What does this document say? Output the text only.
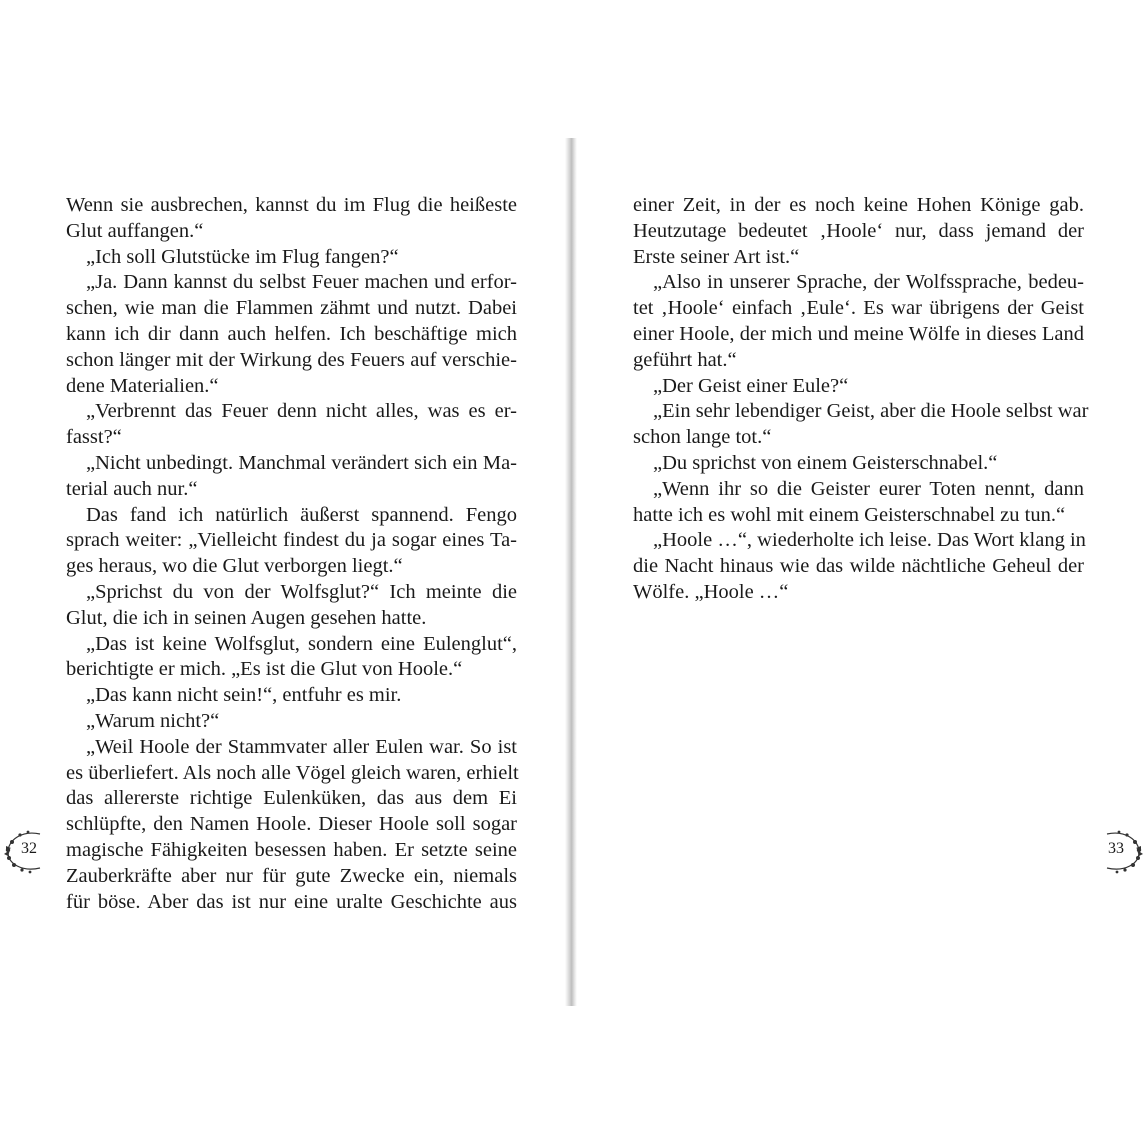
Wenn sie ausbrechen, kannst du im Flug die heißeste
Glut auffangen.“
„Ich soll Glutstücke im Flug fangen?“
„Ja. Dann kannst du selbst Feuer machen und erfor-
schen, wie man die Flammen zähmt und nutzt. Dabei
kann ich dir dann auch helfen. Ich beschäftige mich
schon länger mit der Wirkung des Feuers auf verschie-
dene Materialien.“
„Verbrennt das Feuer denn nicht alles, was es er-
fasst?“
„Nicht unbedingt. Manchmal verändert sich ein Ma-
terial auch nur.“
Das fand ich natürlich äußerst spannend. Fengo
sprach weiter: „Vielleicht findest du ja sogar eines Ta-
ges heraus, wo die Glut verborgen liegt.“
„Sprichst du von der Wolfsglut?“ Ich meinte die
Glut, die ich in seinen Augen gesehen hatte.
„Das ist keine Wolfsglut, sondern eine Eulenglut“,
berichtigte er mich. „Es ist die Glut von Hoole.“
„Das kann nicht sein!“, entfuhr es mir.
„Warum nicht?“
„Weil Hoole der Stammvater aller Eulen war. So ist
es überliefert. Als noch alle Vögel gleich waren, erhielt
das allererste richtige Eulenküken, das aus dem Ei
schlüpfte, den Namen Hoole. Dieser Hoole soll sogar
magische Fähigkeiten besessen haben. Er setzte seine
Zauberkräfte aber nur für gute Zwecke ein, niemals
für böse. Aber das ist nur eine uralte Geschichte aus
32
einer Zeit, in der es noch keine Hohen Könige gab.
Heutzutage bedeutet ‚Hoole‘ nur, dass jemand der
Erste seiner Art ist.“
„Also in unserer Sprache, der Wolfssprache, bedeu-
tet ‚Hoole‘ einfach ‚Eule‘. Es war übrigens der Geist
einer Hoole, der mich und meine Wölfe in dieses Land
geführt hat.“
„Der Geist einer Eule?“
„Ein sehr lebendiger Geist, aber die Hoole selbst war
schon lange tot.“
„Du sprichst von einem Geisterschnabel.“
„Wenn ihr so die Geister eurer Toten nennt, dann
hatte ich es wohl mit einem Geisterschnabel zu tun.“
„Hoole …“, wiederholte ich leise. Das Wort klang in
die Nacht hinaus wie das wilde nächtliche Geheul der
Wölfe. „Hoole …“
33
